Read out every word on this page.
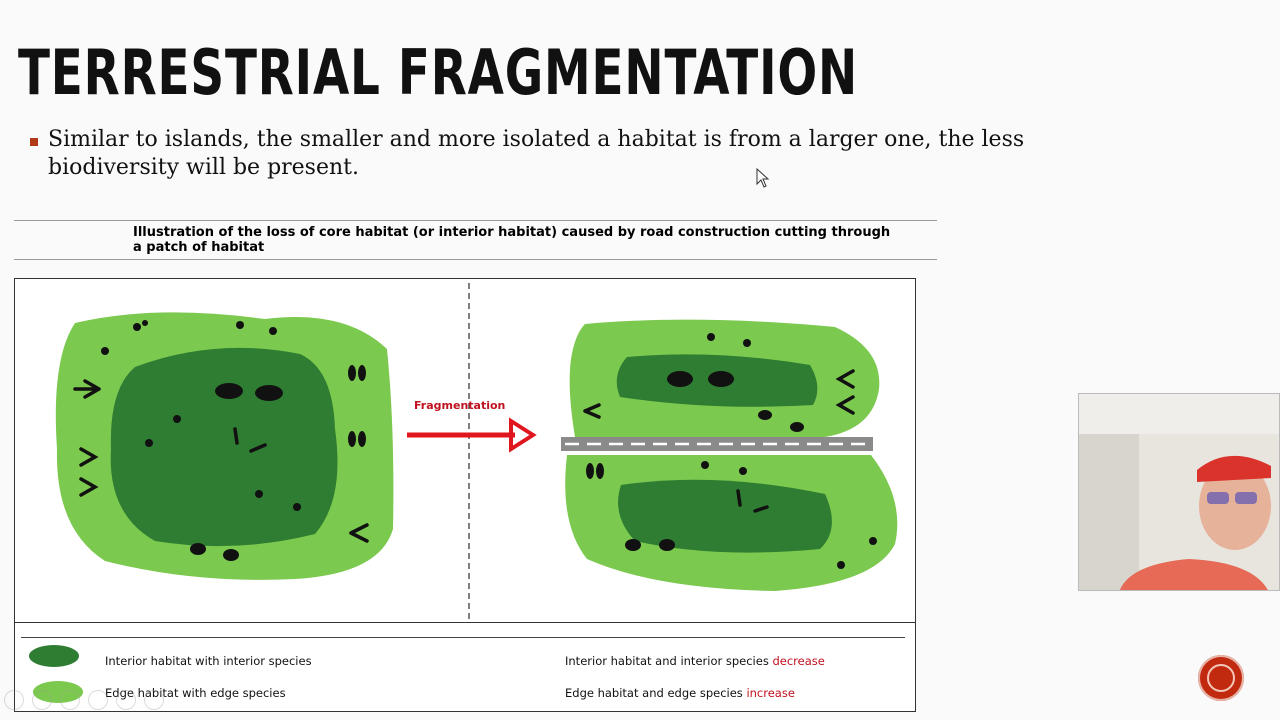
TERRESTRIAL FRAGMENTATION
Similar to islands, the smaller and more isolated a habitat is from a larger one, the less biodiversity will be present.
Illustration of the loss of core habitat (or interior habitat) caused by road construction cutting through a patch of habitat
Fragmentation
Interior habitat with interior species
Edge habitat with edge species
Interior habitat and interior species decrease
Edge habitat and edge species increase
